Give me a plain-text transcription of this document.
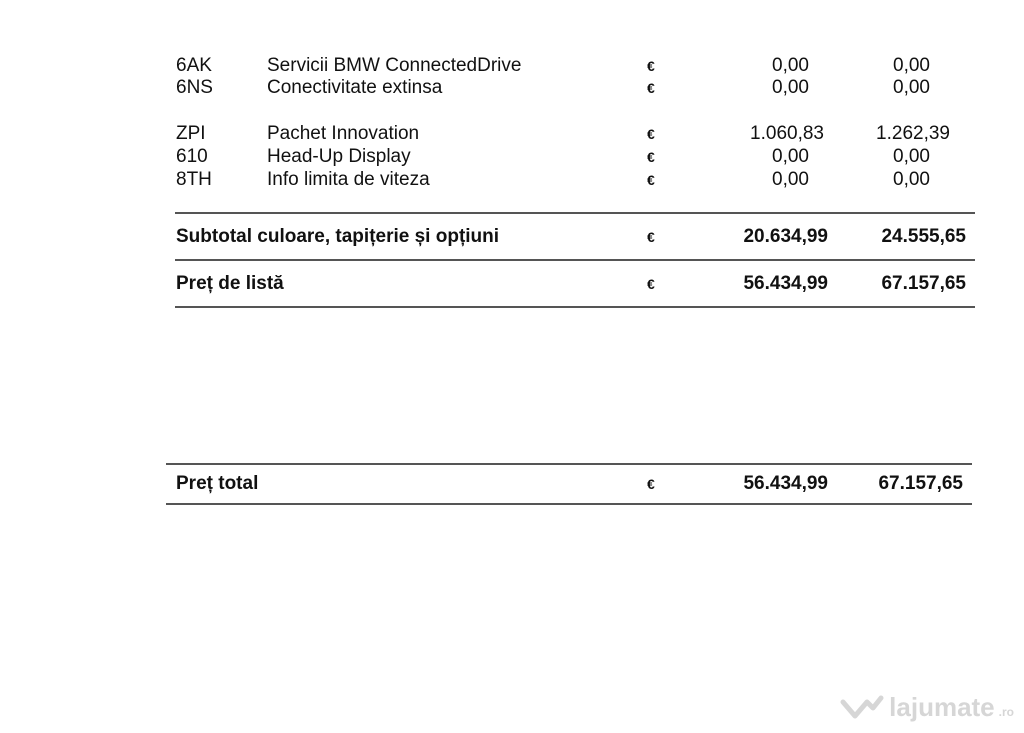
6AK	Servicii BMW ConnectedDrive	€	0,00	0,00
6NS	Conectivitate extinsa	€	0,00	0,00
ZPI	Pachet Innovation	€	1.060,83	1.262,39
610	Head-Up Display	€	0,00	0,00
8TH	Info limita de viteza	€	0,00	0,00
Subtotal culoare, tapițerie și opțiuni	€	20.634,99	24.555,65
Preț de listă	€	56.434,99	67.157,65
Preț total	€	56.434,99	67.157,65
lajumate .ro
